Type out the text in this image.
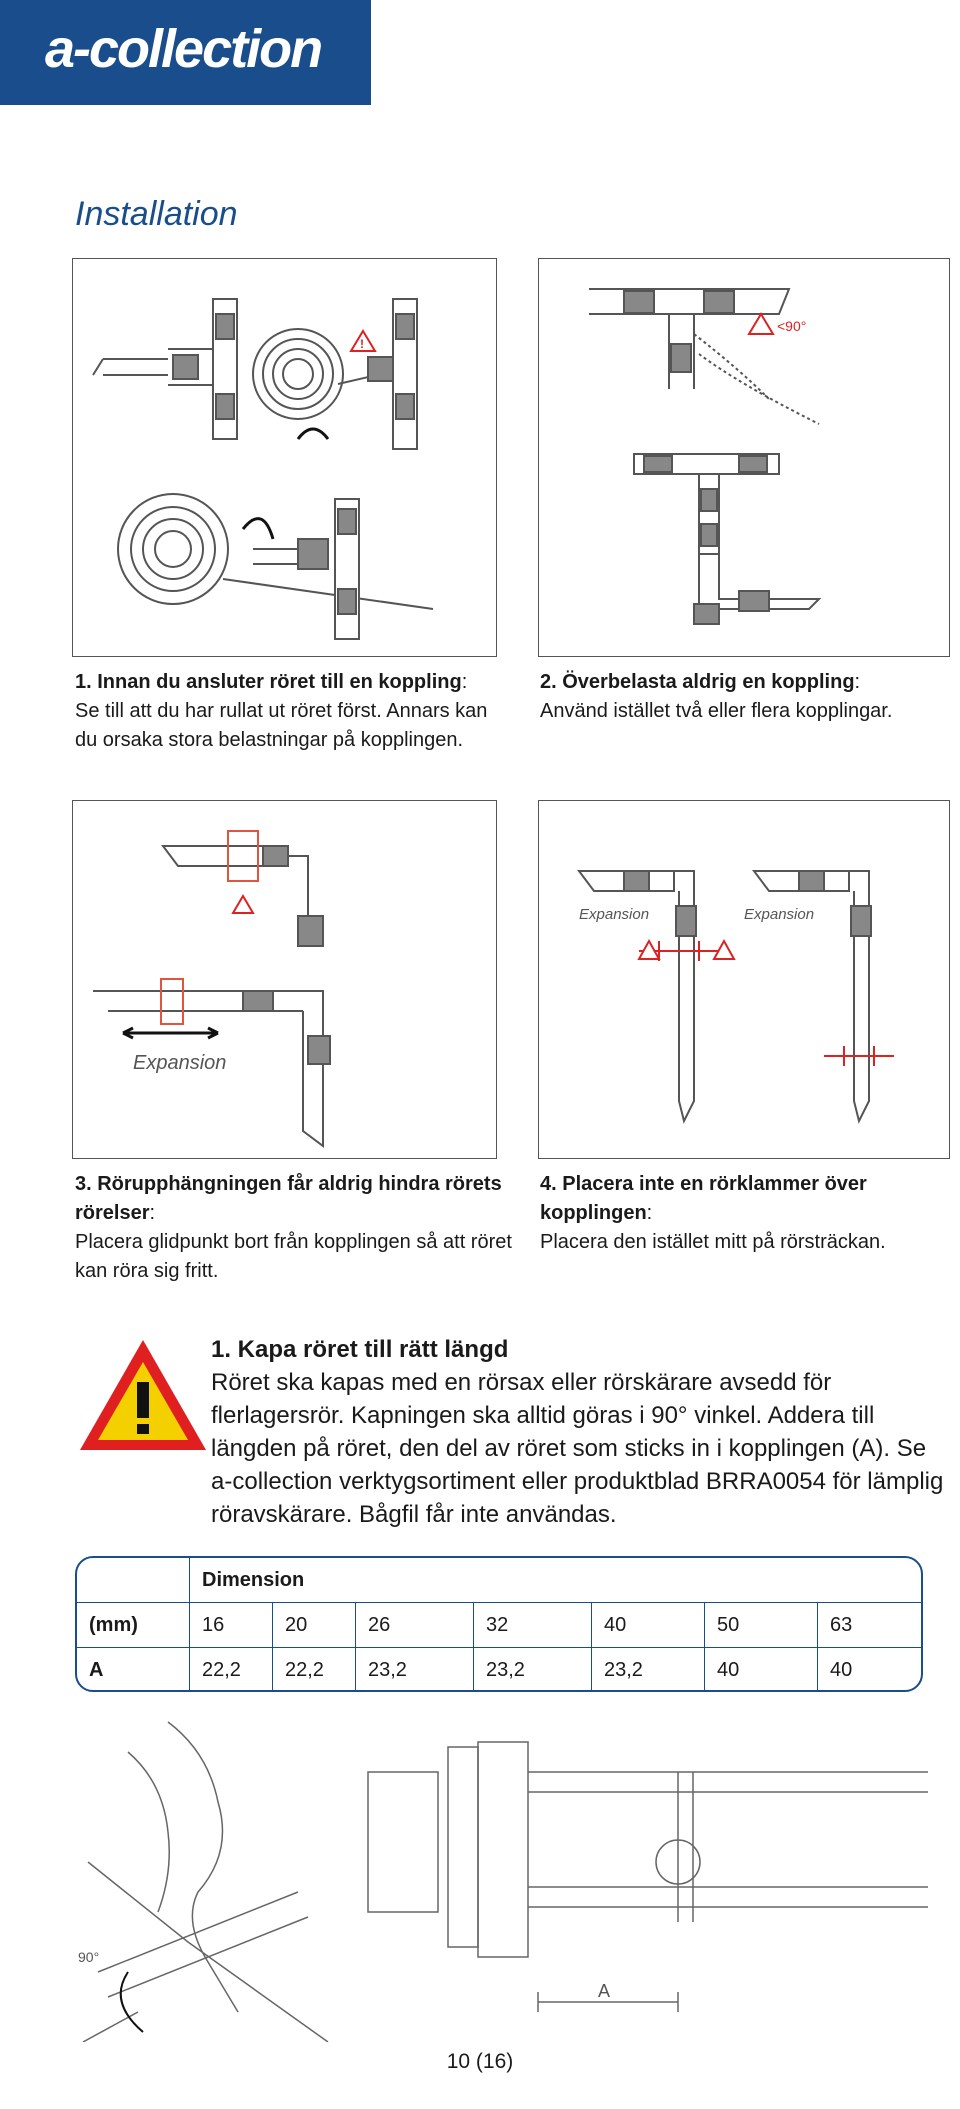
a-collection
Installation
!
1. Innan du ansluter röret till en koppling:
Se till att du har rullat ut röret först. Annars kan du orsaka stora belastningar på kopplingen.
<90°
2. Överbelasta aldrig en koppling:
Använd istället två eller flera kopplingar.
Expansion
3. Rörupphängningen får aldrig hindra rörets rörelser:
Placera glidpunkt bort från kopplingen så att röret kan röra sig fritt.
Expansion	Expansion
4. Placera inte en rörklammer över kopplingen:
Placera den istället mitt på rörsträckan.
1. Kapa röret till rätt längd
Röret ska kapas med en rörsax eller rörskärare avsedd för flerlagersrör. Kapningen ska alltid göras i 90° vinkel. Addera till längden på röret, den del av röret som sticks in i kopplingen (A). Se a-collection verktygsortiment eller produktblad BRRA0054 för lämplig röravskärare. Bågfil får inte användas.
	Dimension						
(mm)	16	20	26	32	40	50	63
A	22,2	22,2	23,2	23,2	23,2	40	40
90°
A
10 (16)
